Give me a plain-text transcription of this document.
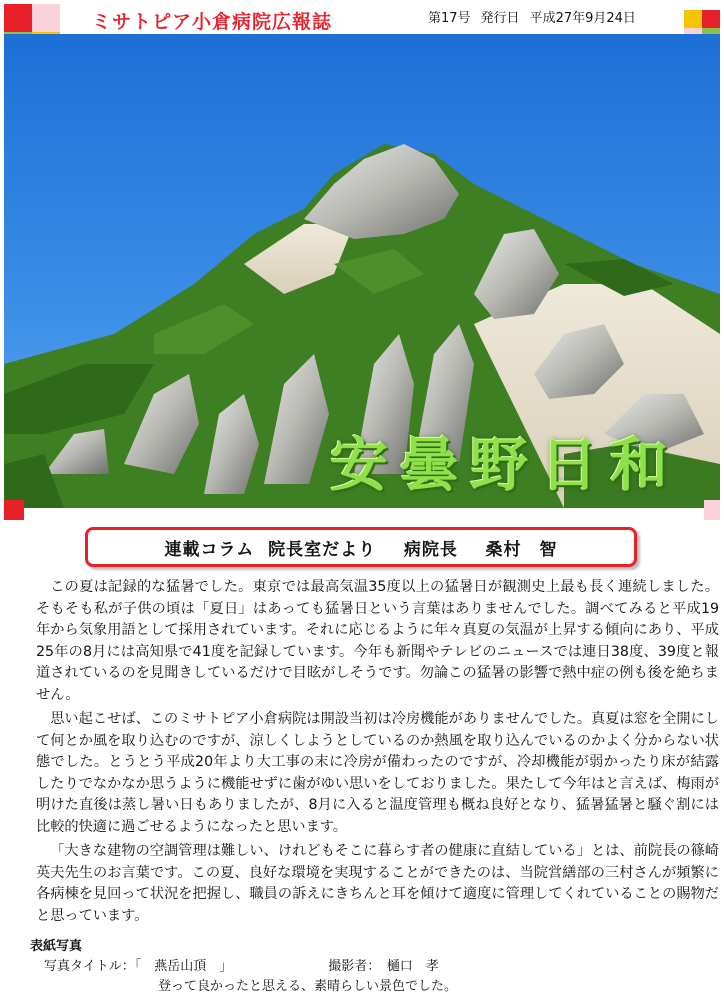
ミサトピア小倉病院広報誌	第17号 発行日 平成27年9月24日
安曇野日和
連載コラム
院長室だより
病院長
桑村　智

この夏は記録的な猛暑でした。東京では最高気温35度以上の猛暑日が観測史上最も長く連続しました。そもそも私が子供の頃は「夏日」はあっても猛暑日という言葉はありませんでした。調べてみると平成19年から気象用語として採用されています。それに応じるように年々真夏の気温が上昇する傾向にあり、平成25年の8月には高知県で41度を記録しています。今年も新聞やテレビのニュースでは連日38度、39度と報道されているのを見聞きしているだけで目眩がしそうです。勿論この猛暑の影響で熱中症の例も後を絶ちません。

思い起こせば、このミサトピア小倉病院は開設当初は冷房機能がありませんでした。真夏は窓を全開にして何とか風を取り込むのですが、涼しくしようとしているのか熱風を取り込んでいるのかよく分からない状態でした。とうとう平成20年より大工事の末に冷房が備わったのですが、冷却機能が弱かったり床が結露したりでなかなか思うように機能せずに歯がゆい思いをしておりました。果たして今年はと言えば、梅雨が明けた直後は蒸し暑い日もありましたが、8月に入ると温度管理も概ね良好となり、猛暑猛暑と騒ぐ割には比較的快適に過ごせるようになったと思います。

「大きな建物の空調管理は難しい、けれどもそこに暮らす者の健康に直結している」とは、前院長の篠崎英夫先生のお言葉です。この夏、良好な環境を実現することができたのは、当院営繕部の三村さんが頻繁に各病棟を見回って状況を把握し、職員の訴えにきちんと耳を傾けて適度に管理してくれていることの賜物だと思っています。

表紙写真
写真タイトル：「　燕岳山頂　」	撮影者：　樋口　孝
登って良かったと思える、素晴らしい景色でした。
